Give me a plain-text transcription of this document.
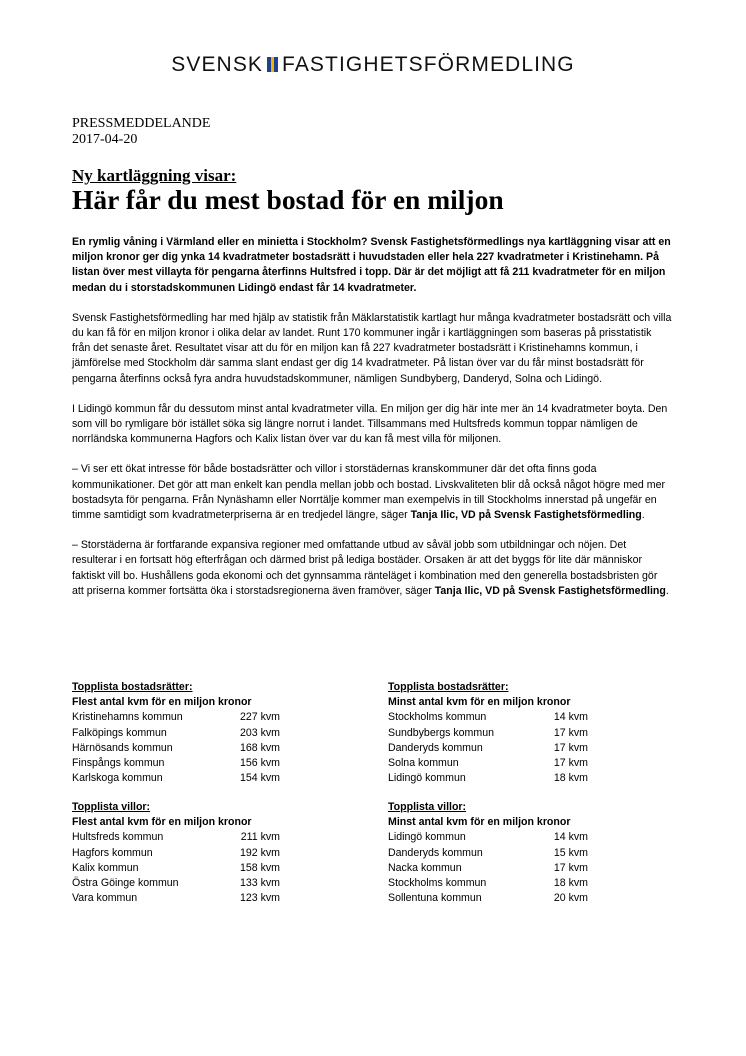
SVENSK FASTIGHETSFÖRMEDLING
PRESSMEDDELANDE
2017-04-20
Ny kartläggning visar:
Här får du mest bostad för en miljon

En rymlig våning i Värmland eller en minietta i Stockholm? Svensk Fastighetsförmedlings nya kartläggning visar att en miljon kronor ger dig ynka 14 kvadratmeter bostadsrätt i huvudstaden eller hela 227 kvadratmeter i Kristinehamn. På listan över mest villayta för pengarna återfinns Hultsfred i topp. Där är det möjligt att få 211 kvadratmeter för en miljon medan du i storstadskommunen Lidingö endast får 14 kvadratmeter.

Svensk Fastighetsförmedling har med hjälp av statistik från Mäklarstatistik kartlagt hur många kvadratmeter bostadsrätt och villa du kan få för en miljon kronor i olika delar av landet. Runt 170 kommuner ingår i kartläggningen som baseras på prisstatistik från det senaste året. Resultatet visar att du för en miljon kan få 227 kvadratmeter bostadsrätt i Kristinehamns kommun, i jämförelse med Stockholm där samma slant endast ger dig 14 kvadratmeter. På listan över var du får minst bostadsrätt för pengarna återfinns också fyra andra huvudstadskommuner, nämligen Sundbyberg, Danderyd, Solna och Lidingö.

I Lidingö kommun får du dessutom minst antal kvadratmeter villa. En miljon ger dig här inte mer än 14 kvadratmeter boyta. Den som vill bo rymligare bör istället söka sig längre norrut i landet. Tillsammans med Hultsfreds kommun toppar nämligen de norrländska kommunerna Hagfors och Kalix listan över var du kan få mest villa för miljonen.

– Vi ser ett ökat intresse för både bostadsrätter och villor i storstädernas kranskommuner där det ofta finns goda kommunikationer. Det gör att man enkelt kan pendla mellan jobb och bostad. Livskvaliteten blir då också något högre med mer bostadsyta för pengarna. Från Nynäshamn eller Norrtälje kommer man exempelvis in till Stockholms innerstad på ungefär en timme samtidigt som kvadratmeterpriserna är en tredjedel längre, säger Tanja Ilic, VD på Svensk Fastighetsförmedling.

– Storstäderna är fortfarande expansiva regioner med omfattande utbud av såväl jobb som utbildningar och nöjen. Det resulterar i en fortsatt hög efterfrågan och därmed brist på lediga bostäder. Orsaken är att det byggs för lite där människor faktiskt vill bo. Hushållens goda ekonomi och det gynnsamma ränteläget i kombination med den generella bostadsbristen gör att priserna kommer fortsätta öka i storstadsregionerna även framöver, säger Tanja Ilic, VD på Svensk Fastighetsförmedling.

Topplista bostadsrätter:
Flest antal kvm för en miljon kronor
Kristinehamns kommun	227 kvm
Falköpings kommun	203 kvm
Härnösands kommun	168 kvm
Finspångs kommun	156 kvm
Karlskoga kommun	154 kvm
Topplista bostadsrätter:
Minst antal kvm för en miljon kronor
Stockholms kommun	14 kvm
Sundbybergs kommun	17 kvm
Danderyds kommun	17 kvm
Solna kommun	17 kvm
Lidingö kommun	18 kvm
Topplista villor:
Flest antal kvm för en miljon kronor
Hultsfreds kommun	211 kvm
Hagfors kommun	192 kvm
Kalix kommun	158 kvm
Östra Göinge kommun	133 kvm
Vara kommun	123 kvm
Topplista villor:
Minst antal kvm för en miljon kronor
Lidingö kommun	14 kvm
Danderyds kommun	15 kvm
Nacka kommun	17 kvm
Stockholms kommun	18 kvm
Sollentuna kommun	20 kvm
